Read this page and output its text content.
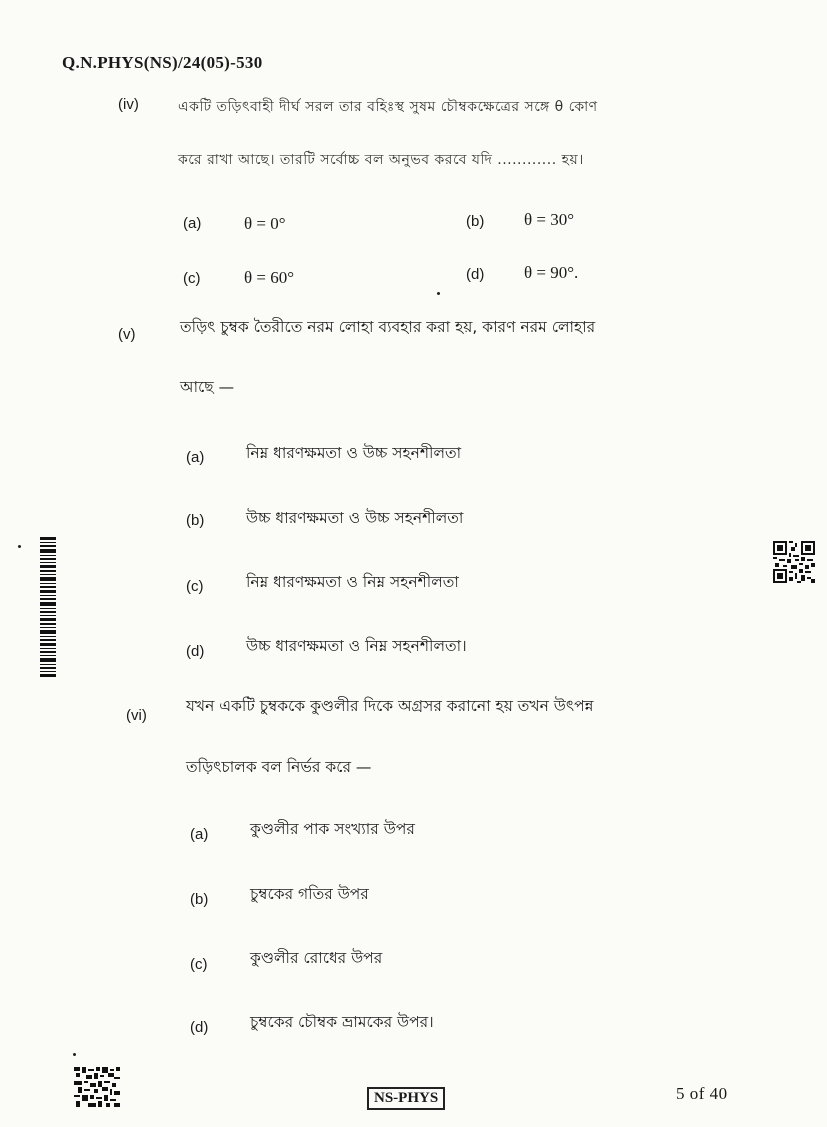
Q.N.PHYS(NS)/24(05)-530
(iv)	একটি তড়িৎবাহী দীর্ঘ সরল তার বহিঃস্থ সুষম চৌম্বকক্ষেত্রের সঙ্গে θ কোণ
করে রাখা আছে। তারটি সর্বোচ্চ বল অনুভব করবে যদি ............ হয়।
(a)	θ = 0°	(b) θ = 30°
(c)	θ = 60°	(d) θ = 90°.
(v)	তড়িৎ চুম্বক তৈরীতে নরম লোহা ব্যবহার করা হয়, কারণ নরম লোহার
আছে —
(a)	নিম্ন ধারণক্ষমতা ও উচ্চ সহনশীলতা
(b)	উচ্চ ধারণক্ষমতা ও উচ্চ সহনশীলতা
(c)	নিম্ন ধারণক্ষমতা ও নিম্ন সহনশীলতা
(d)	উচ্চ ধারণক্ষমতা ও নিম্ন সহনশীলতা।
(vi)
যখন একটি চুম্বককে কুণ্ডলীর দিকে অগ্রসর করানো হয় তখন উৎপন্ন
তড়িৎচালক বল নির্ভর করে —
(a)	কুণ্ডলীর পাক সংখ্যার উপর
(b)	চুম্বকের গতির উপর
(c)	কুণ্ডলীর রোধের উপর
(d)	চুম্বকের চৌম্বক ভ্রামকের উপর।
NS-PHYS	5 of 40
